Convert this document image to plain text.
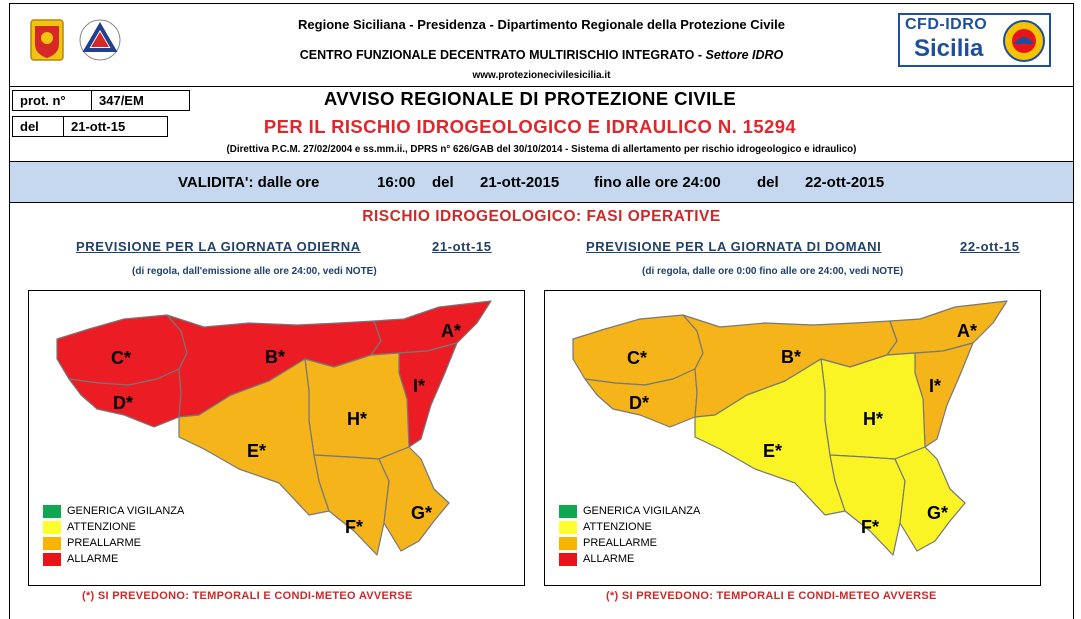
Regione Siciliana - Presidenza - Dipartimento Regionale della Protezione Civile
CENTRO FUNZIONALE DECENTRATO MULTIRISCHIO INTEGRATO - Settore IDRO
www.protezionecivilesicilia.it
CFD-IDRO
Sicilia
prot. n°	347/EM
del	21-ott-15
AVVISO REGIONALE DI PROTEZIONE CIVILE
PER IL RISCHIO IDROGEOLOGICO E IDRAULICO N. 15294
(Direttiva P.C.M. 27/02/2004 e ss.mm.ii., DPRS n° 626/GAB del 30/10/2014 - Sistema di allertamento per rischio idrogeologico e idraulico)
VALIDITA': dalle ore	16:00 del 21-ott-2015 fino alle ore 24:00 del 22-ott-2015
RISCHIO IDROGEOLOGICO: FASI OPERATIVE
PREVISIONE PER LA GIORNATA ODIERNA	21-ott-15
(di regola, dall'emissione alle ore 24:00, vedi NOTE)
PREVISIONE PER LA GIORNATA DI DOMANI	22-ott-15
(di regola, dalle ore 0:00 fino alle ore 24:00, vedi NOTE)
A*
B*
C*
D*
E*
F*
G*
H*
I*
GENERICA VIGILANZA
ATTENZIONE
PREALLARME
ALLARME
A*
B*
C*
D*
E*
F*
G*
H*
I*
GENERICA VIGILANZA
ATTENZIONE
PREALLARME
ALLARME
(*) SI PREVEDONO: TEMPORALI E CONDI-METEO AVVERSE	(*) SI PREVEDONO: TEMPORALI E CONDI-METEO AVVERSE
